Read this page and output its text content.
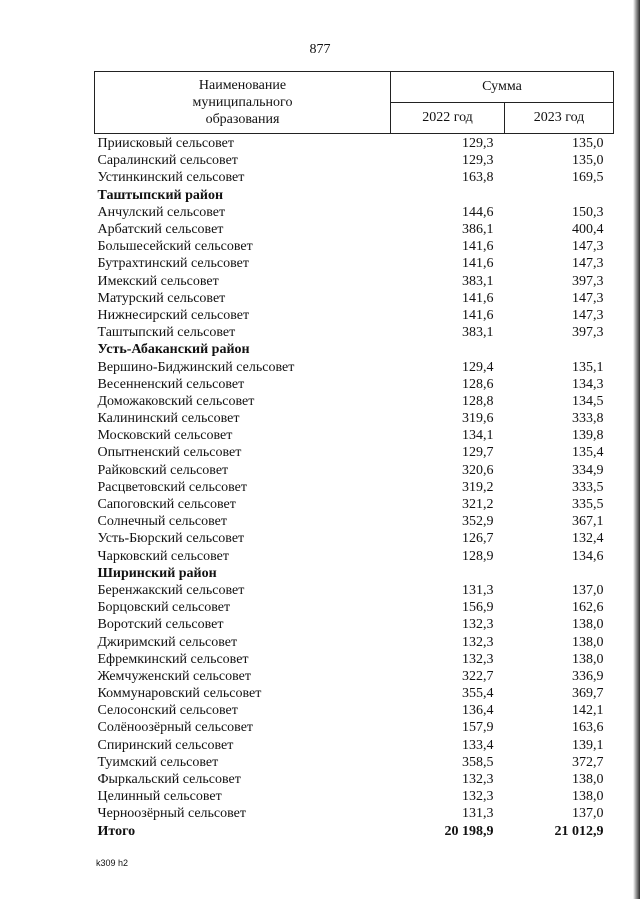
877
Наименование
муниципального
образования	Сумма	
	2022 год	2023 год
Приисковый сельсовет	129,3	135,0
Саралинский сельсовет	129,3	135,0
Устинкинский сельсовет	163,8	169,5
Таштыпский район		
Анчулский сельсовет	144,6	150,3
Арбатский сельсовет	386,1	400,4
Большесейский сельсовет	141,6	147,3
Бутрахтинский сельсовет	141,6	147,3
Имекский сельсовет	383,1	397,3
Матурский сельсовет	141,6	147,3
Нижнесирский сельсовет	141,6	147,3
Таштыпский сельсовет	383,1	397,3
Усть-Абаканский район		
Вершино-Биджинский сельсовет	129,4	135,1
Весенненский сельсовет	128,6	134,3
Доможаковский сельсовет	128,8	134,5
Калининский сельсовет	319,6	333,8
Московский сельсовет	134,1	139,8
Опытненский сельсовет	129,7	135,4
Райковский сельсовет	320,6	334,9
Расцветовский сельсовет	319,2	333,5
Сапоговский сельсовет	321,2	335,5
Солнечный сельсовет	352,9	367,1
Усть-Бюрский сельсовет	126,7	132,4
Чарковский сельсовет	128,9	134,6
Ширинский район		
Беренжакский сельсовет	131,3	137,0
Борцовский сельсовет	156,9	162,6
Воротский сельсовет	132,3	138,0
Джиримский сельсовет	132,3	138,0
Ефремкинский сельсовет	132,3	138,0
Жемчуженский сельсовет	322,7	336,9
Коммунаровский сельсовет	355,4	369,7
Селосонский сельсовет	136,4	142,1
Солёноозёрный сельсовет	157,9	163,6
Спиринский сельсовет	133,4	139,1
Туимский сельсовет	358,5	372,7
Фыркальский сельсовет	132,3	138,0
Целинный сельсовет	132,3	138,0
Черноозёрный сельсовет	131,3	137,0
Итого	20 198,9	21 012,9
k309 h2
